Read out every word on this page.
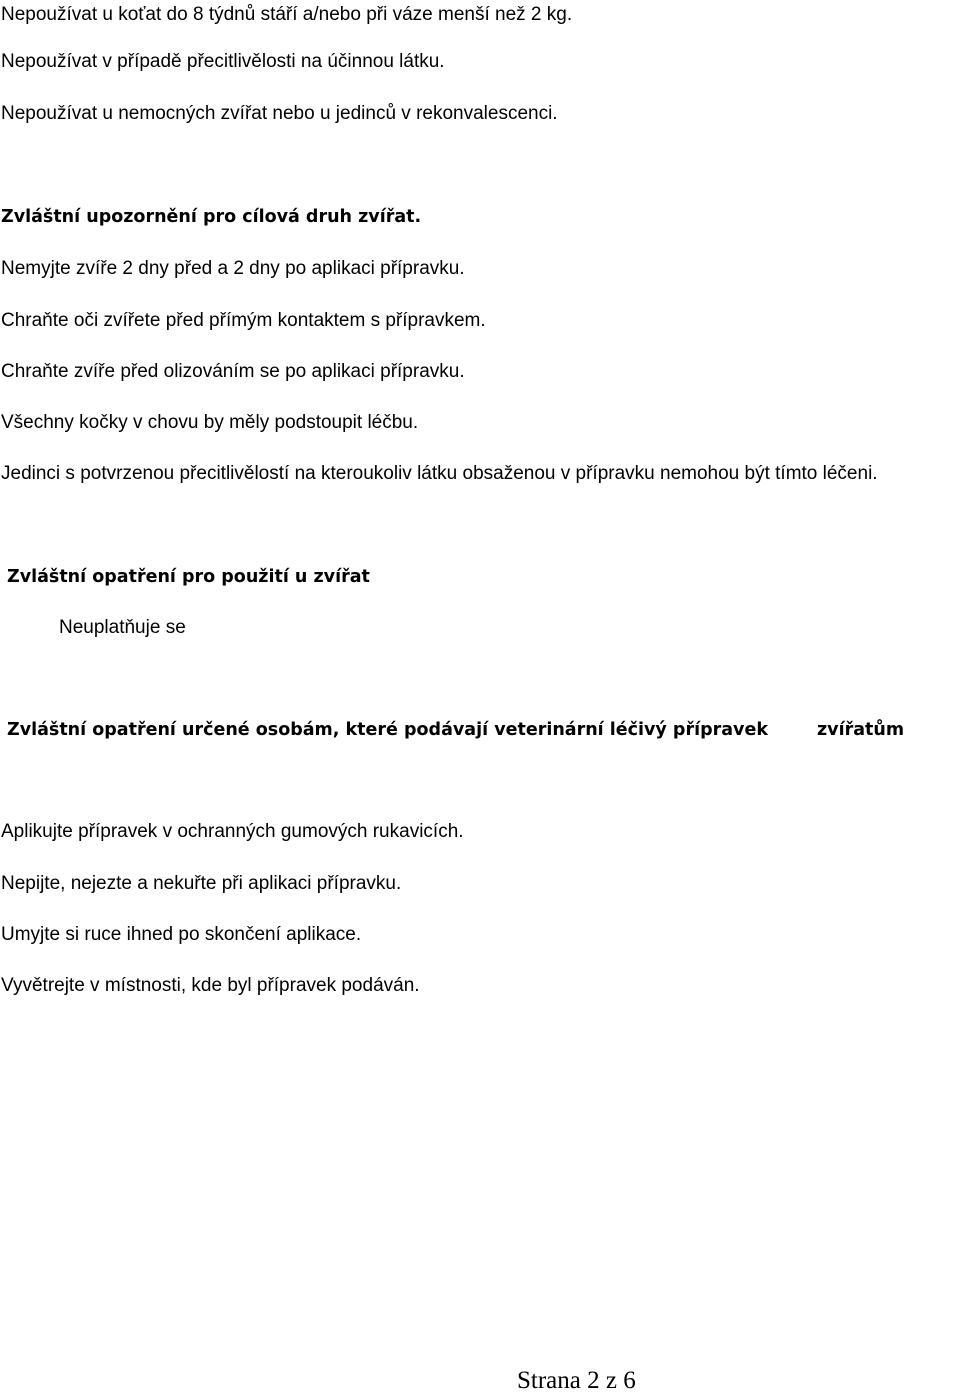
Nepoužívat u koťat do 8 týdnů stáří a/nebo při váze menší než 2 kg.
Nepoužívat v případě přecitlivělosti na účinnou látku.
Nepoužívat u nemocných zvířat nebo u jedinců v rekonvalescenci.
Zvláštní upozornění pro cílová druh zvířat.
Nemyjte zvíře 2 dny před a 2 dny po aplikaci přípravku.
Chraňte oči zvířete před přímým kontaktem s přípravkem.
Chraňte zvíře před olizováním se po aplikaci přípravku.
Všechny kočky v chovu by měly podstoupit léčbu.
Jedinci s potvrzenou přecitlivělostí na kteroukoliv látku obsaženou v přípravku nemohou být tímto léčeni.
Zvláštní opatření pro použití u zvířat
Neuplatňuje se
Zvláštní opatření určené osobám, které podávají veterinární léčivý přípravek	zvířatům
Aplikujte přípravek v ochranných gumových rukavicích.
Nepijte, nejezte a nekuřte při aplikaci přípravku.
Umyjte si ruce ihned po skončení aplikace.
Vyvětrejte v místnosti, kde byl přípravek podáván.
Strana 2 z 6
